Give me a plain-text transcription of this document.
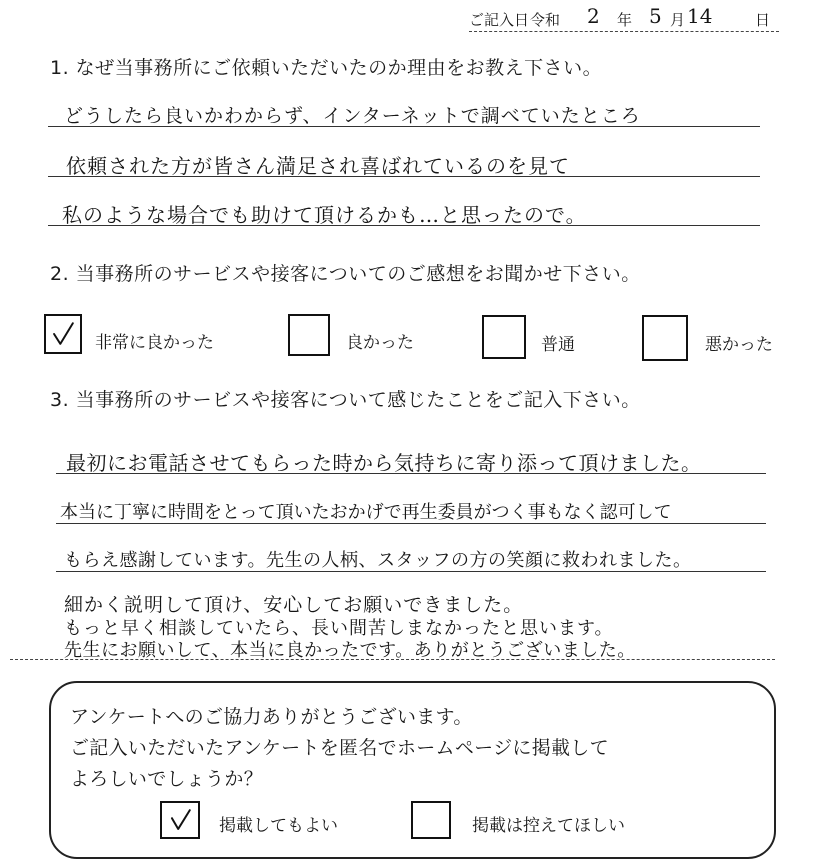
ご記入日 令和 2 年 5 月 14	日
1. なぜ当事務所にご依頼いただいたのか理由をお教え下さい。
どうしたら良いかわからず、インターネットで調べていたところ
依頼された方が皆さん満足され喜ばれているのを見て
私のような場合でも助けて頂けるかも…と思ったので。
2. 当事務所のサービスや接客についてのご感想をお聞かせ下さい。
非常に良かった	良かった	普通	悪かった
3. 当事務所のサービスや接客について感じたことをご記入下さい。
最初にお電話させてもらった時から気持ちに寄り添って頂けました。
本当に丁寧に時間をとって頂いたおかげで再生委員がつく事もなく認可して
もらえ感謝しています。先生の人柄、スタッフの方の笑顔に救われました。
細かく説明して頂け、安心してお願いできました。
もっと早く相談していたら、長い間苦しまなかったと思います。
先生にお願いして、本当に良かったです。ありがとうございました。
アンケートへのご協力ありがとうございます。
ご記入いただいたアンケートを匿名でホームページに掲載して
よろしいでしょうか？
掲載してもよい	掲載は控えてほしい
